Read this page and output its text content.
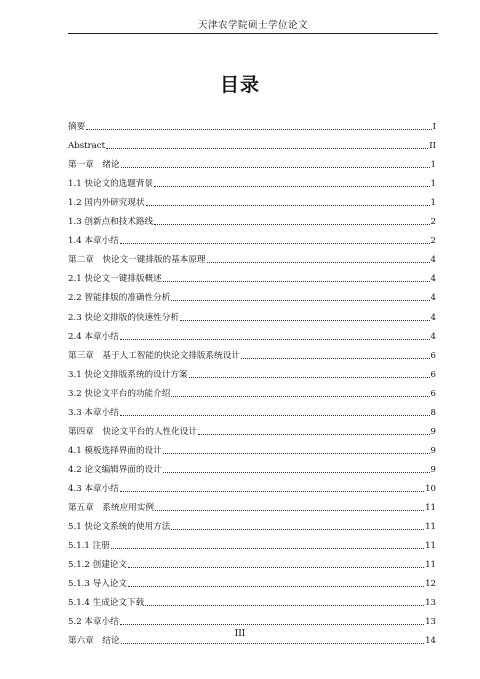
天津农学院硕士学位论文
目录
摘要	I
Abstract	II
第一章　绪论	1
1.1 快论文的选题背景	1
1.2 国内外研究现状	1
1.3 创新点和技术路线	2
1.4 本章小结	2
第二章　快论文一键排版的基本原理	4
2.1 快论文一键排版概述	4
2.2 智能排版的准确性分析	4
2.3 快论文排版的快速性分析	4
2.4 本章小结	4
第三章　基于人工智能的快论文排版系统设计	6
3.1 快论文排版系统的设计方案	6
3.2 快论文平台的功能介绍	6
3.3 本章小结	8
第四章　快论文平台的人性化设计	9
4.1 模板选择界面的设计	9
4.2 论文编辑界面的设计	9
4.3 本章小结	10
第五章　系统应用实例	11
5.1 快论文系统的使用方法	11
5.1.1 注册	11
5.1.2 创建论文	11
5.1.3 导入论文	12
5.1.4 生成论文下载	13
5.2 本章小结	13
第六章　结论	14
III
